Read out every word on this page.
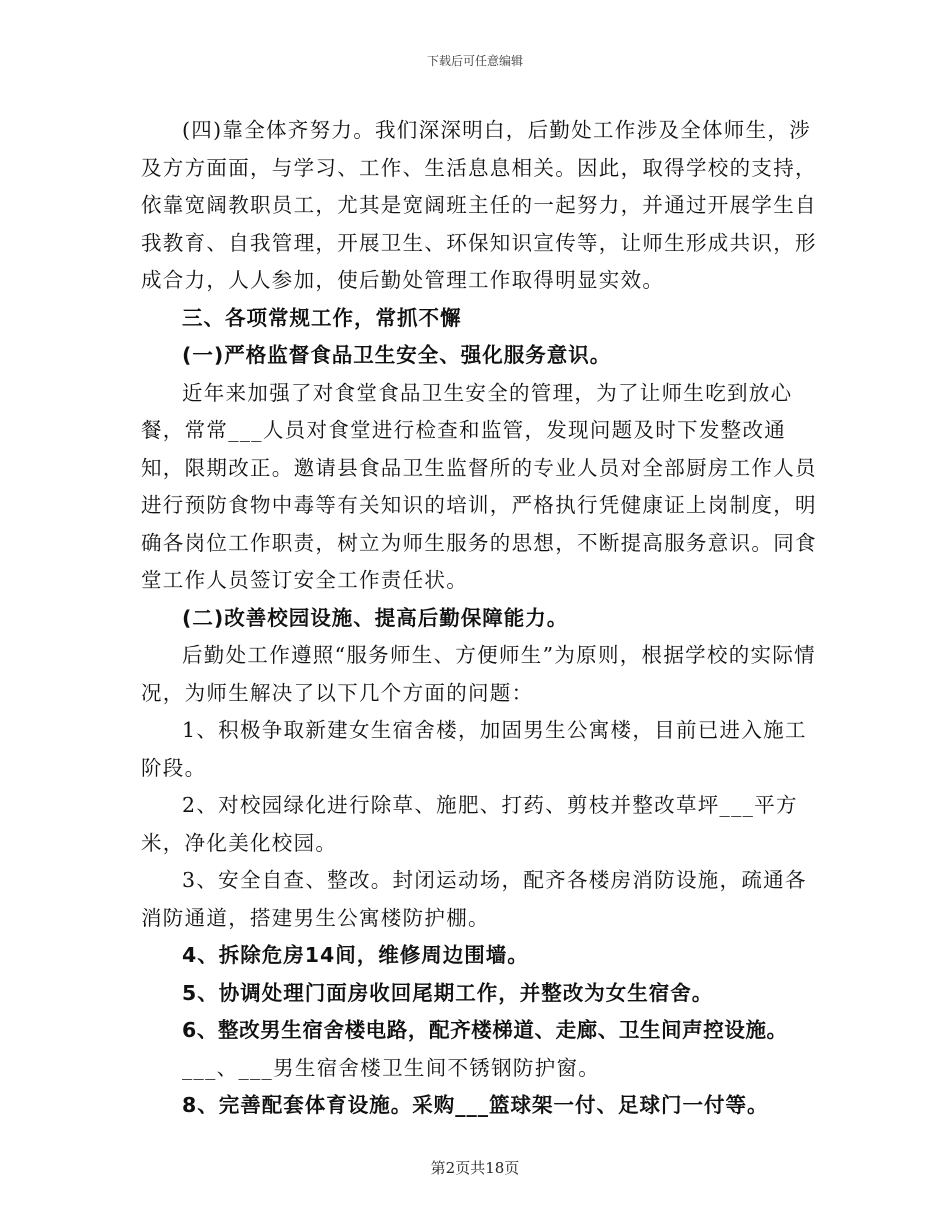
下载后可任意编辑

(四)靠全体齐努力。我们深深明白，后勤处工作涉及全体师生，涉及方方面面，与学习、工作、生活息息相关。因此，取得学校的支持，依靠宽阔教职员工，尤其是宽阔班主任的一起努力，并通过开展学生自我教育、自我管理，开展卫生、环保知识宣传等，让师生形成共识，形成合力，人人参加，使后勤处管理工作取得明显实效。

三、各项常规工作，常抓不懈

(一)严格监督食品卫生安全、强化服务意识。

近年来加强了对食堂食品卫生安全的管理，为了让师生吃到放心餐，常常___人员对食堂进行检查和监管，发现问题及时下发整改通知，限期改正。邀请县食品卫生监督所的专业人员对全部厨房工作人员进行预防食物中毒等有关知识的培训，严格执行凭健康证上岗制度，明确各岗位工作职责，树立为师生服务的思想，不断提高服务意识。同食堂工作人员签订安全工作责任状。

(二)改善校园设施、提高后勤保障能力。

后勤处工作遵照“服务师生、方便师生”为原则，根据学校的实际情况，为师生解决了以下几个方面的问题：

1、积极争取新建女生宿舍楼，加固男生公寓楼，目前已进入施工阶段。

2、对校园绿化进行除草、施肥、打药、剪枝并整改草坪___平方米，净化美化校园。

3、安全自查、整改。封闭运动场，配齐各楼房消防设施，疏通各消防通道，搭建男生公寓楼防护棚。

4、拆除危房14间，维修周边围墙。

5、协调处理门面房收回尾期工作，并整改为女生宿舍。

6、整改男生宿舍楼电路，配齐楼梯道、走廊、卫生间声控设施。

___、___男生宿舍楼卫生间不锈钢防护窗。

8、完善配套体育设施。采购___篮球架一付、足球门一付等。

第2页共18页
